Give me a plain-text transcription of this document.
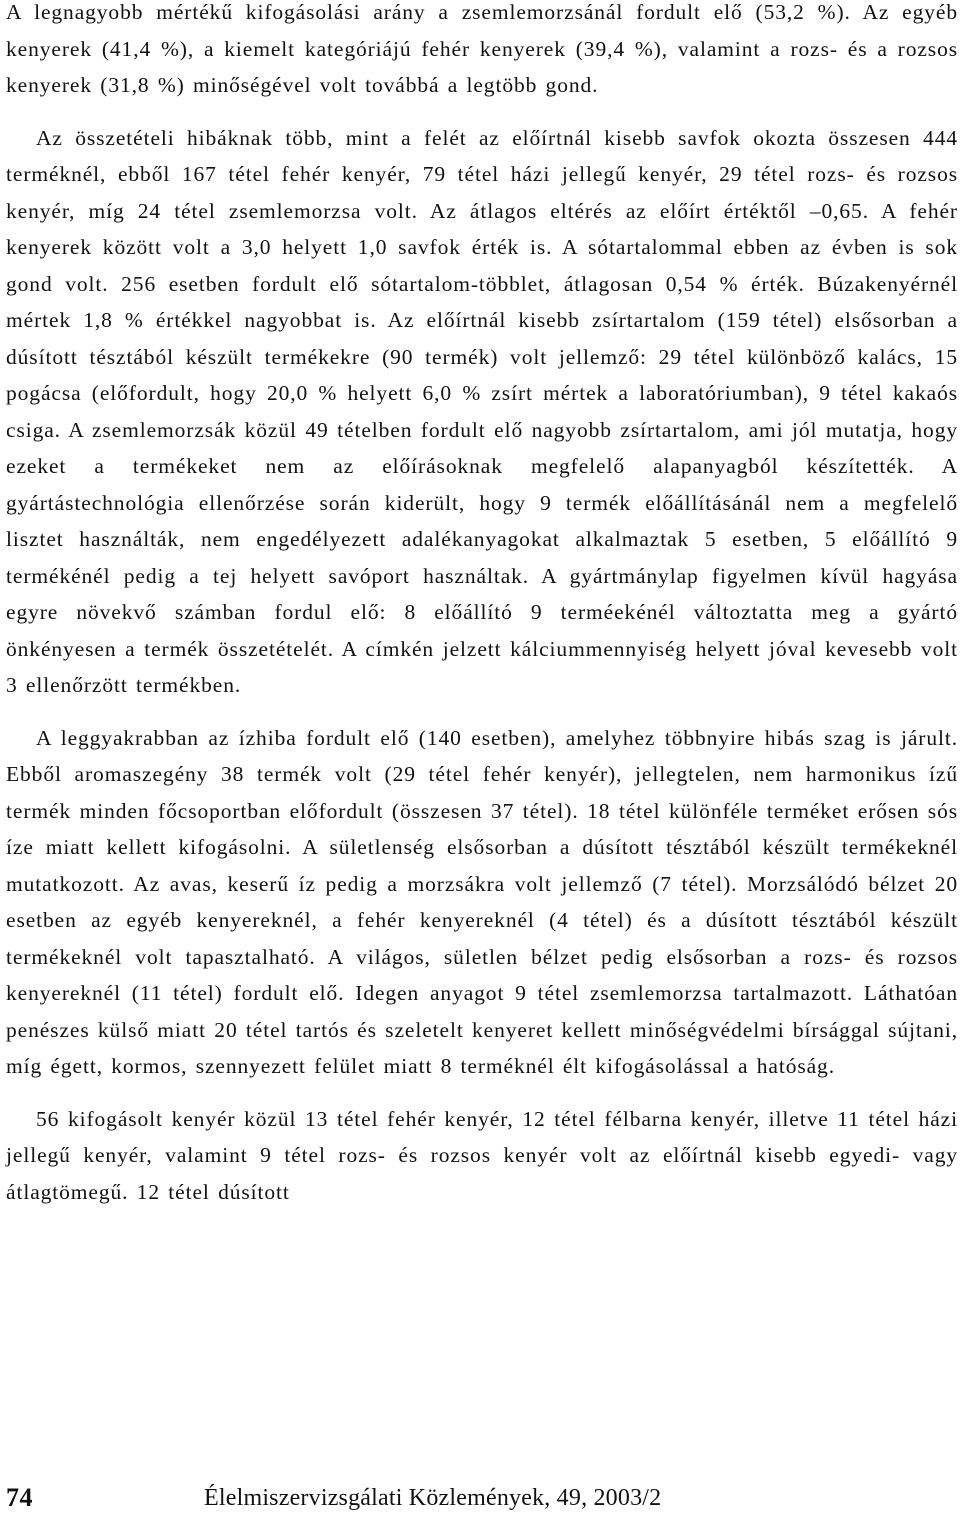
A legnagyobb mértékű kifogásolási arány a zsemlemorzsánál fordult elő (53,2 %). Az egyéb kenyerek (41,4 %), a kiemelt kategóriájú fehér kenyerek (39,4 %), valamint a rozs- és a rozsos kenyerek (31,8 %) minőségével volt továbbá a legtöbb gond.

Az összetételi hibáknak több, mint a felét az előírtnál kisebb savfok okozta összesen 444 terméknél, ebből 167 tétel fehér kenyér, 79 tétel házi jellegű kenyér, 29 tétel rozs- és rozsos kenyér, míg 24 tétel zsemlemorzsa volt. Az átlagos eltérés az előírt értéktől –0,65. A fehér kenyerek között volt a 3,0 helyett 1,0 savfok érték is. A sótartalommal ebben az évben is sok gond volt. 256 esetben fordult elő sótartalom-többlet, átlagosan 0,54 % érték. Búzakenyérnél mértek 1,8 % értékkel nagyobbat is. Az előírtnál kisebb zsírtartalom (159 tétel) elsősorban a dúsított tésztából készült termékekre (90 termék) volt jellemző: 29 tétel különböző kalács, 15 pogácsa (előfordult, hogy 20,0 % helyett 6,0 % zsírt mértek a laboratóriumban), 9 tétel kakaós csiga. A zsemlemorzsák közül 49 tételben fordult elő nagyobb zsírtartalom, ami jól mutatja, hogy ezeket a termékeket nem az előírásoknak megfelelő alapanyagból készítették. A gyártástechnológia ellenőrzése során kiderült, hogy 9 termék előállításánál nem a megfelelő lisztet használták, nem engedélyezett adalékanyagokat alkalmaztak 5 esetben, 5 előállító 9 termékénél pedig a tej helyett savóport használtak. A gyártmánylap figyelmen kívül hagyása egyre növekvő számban fordul elő: 8 előállító 9 terméekénél változtatta meg a gyártó önkényesen a termék összetételét. A címkén jelzett kálciummennyiség helyett jóval kevesebb volt 3 ellenőrzött termékben.

A leggyakrabban az ízhiba fordult elő (140 esetben), amelyhez többnyire hibás szag is járult. Ebből aromaszegény 38 termék volt (29 tétel fehér kenyér), jellegtelen, nem harmonikus ízű termék minden főcsoportban előfordult (összesen 37 tétel). 18 tétel különféle terméket erősen sós íze miatt kellett kifogásolni. A sületlenség elsősorban a dúsított tésztából készült termékeknél mutatkozott. Az avas, keserű íz pedig a morzsákra volt jellemző (7 tétel). Morzsálódó bélzet 20 esetben az egyéb kenyereknél, a fehér kenyereknél (4 tétel) és a dúsított tésztából készült termékeknél volt tapasztalható. A világos, sületlen bélzet pedig elsősorban a rozs- és rozsos kenyereknél (11 tétel) fordult elő. Idegen anyagot 9 tétel zsemlemorzsa tartalmazott. Láthatóan penészes külső miatt 20 tétel tartós és szeletelt kenyeret kellett minőségvédelmi bírsággal sújtani, míg égett, kormos, szennyezett felület miatt 8 terméknél élt kifogásolással a hatóság.

56 kifogásolt kenyér közül 13 tétel fehér kenyér, 12 tétel félbarna kenyér, illetve 11 tétel házi jellegű kenyér, valamint 9 tétel rozs- és rozsos kenyér volt az előírtnál kisebb egyedi- vagy átlagtömegű. 12 tétel dúsított

74	Élelmiszervizsgálati Közlemények, 49, 2003/2
